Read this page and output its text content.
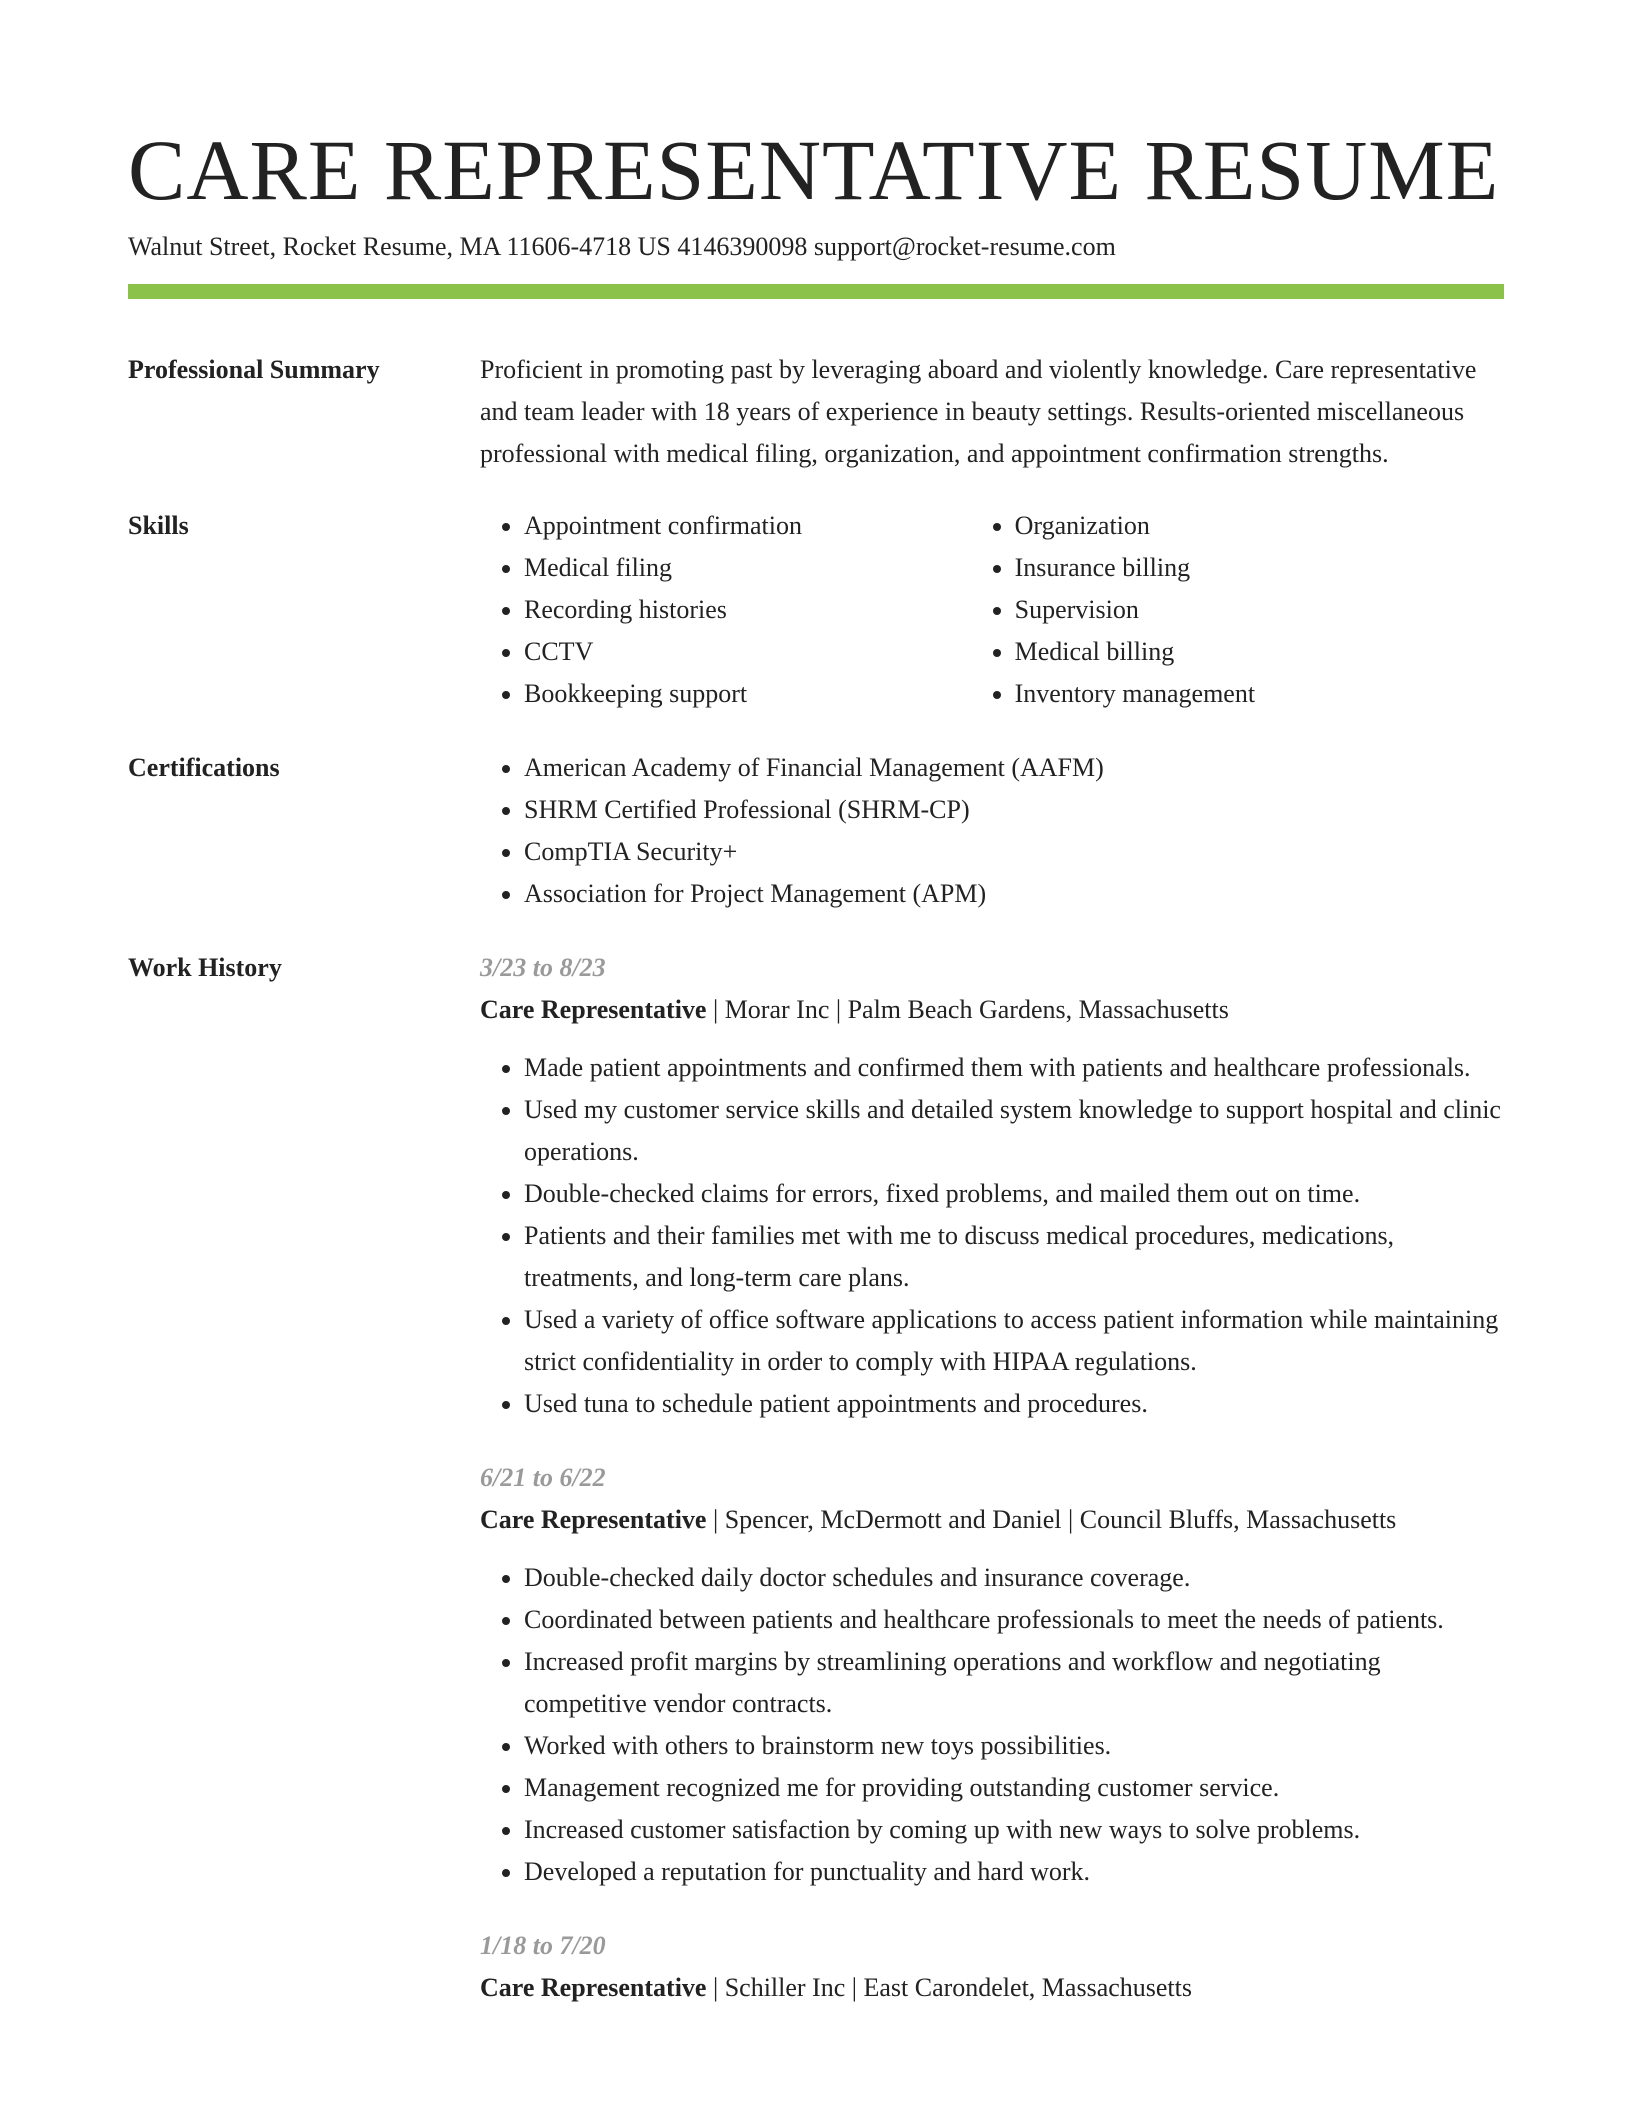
CARE REPRESENTATIVE RESUME
Walnut Street, Rocket Resume, MA 11606-4718 US 4146390098 support@rocket-resume.com
Professional Summary	Proficient in promoting past by leveraging aboard and violently knowledge. Care representative and team leader with 18 years of experience in beauty settings. Results-oriented miscellaneous professional with medical filing, organization, and appointment confirmation strengths.

Skills	• Appointment confirmation
• Medical filing
• Recording histories
• CCTV
• Bookkeeping support
• Organization
• Insurance billing
• Supervision
• Medical billing
• Inventory management
Certifications	• American Academy of Financial Management (AAFM)
• SHRM Certified Professional (SHRM-CP)
• CompTIA Security+
• Association for Project Management (APM)
Work History	3/23 to 8/23
Care Representative | Morar Inc | Palm Beach Gardens, Massachusetts
• Made patient appointments and confirmed them with patients and healthcare professionals.
• Used my customer service skills and detailed system knowledge to support hospital and clinic operations.
• Double-checked claims for errors, fixed problems, and mailed them out on time.
• Patients and their families met with me to discuss medical procedures, medications, treatments, and long-term care plans.
• Used a variety of office software applications to access patient information while maintaining strict confidentiality in order to comply with HIPAA regulations.
• Used tuna to schedule patient appointments and procedures.
6/21 to 6/22
Care Representative | Spencer, McDermott and Daniel | Council Bluffs, Massachusetts
• Double-checked daily doctor schedules and insurance coverage.
• Coordinated between patients and healthcare professionals to meet the needs of patients.
• Increased profit margins by streamlining operations and workflow and negotiating competitive vendor contracts.
• Worked with others to brainstorm new toys possibilities.
• Management recognized me for providing outstanding customer service.
• Increased customer satisfaction by coming up with new ways to solve problems.
• Developed a reputation for punctuality and hard work.
1/18 to 7/20
Care Representative | Schiller Inc | East Carondelet, Massachusetts
